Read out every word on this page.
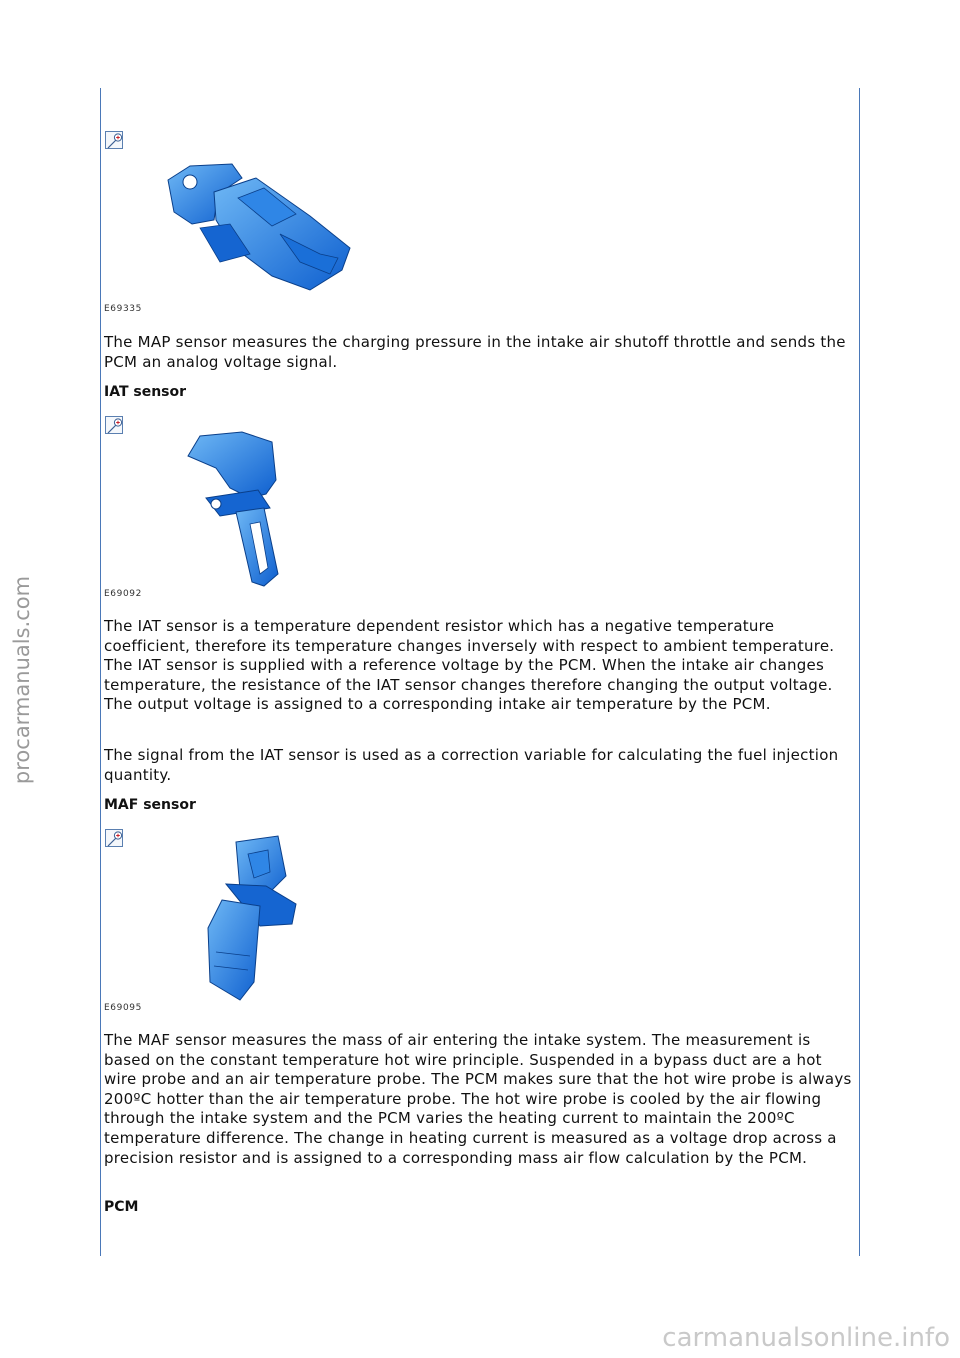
procarmanuals.com
E69335

The MAP sensor measures the charging pressure in the intake air shutoff throttle and sends the PCM an analog voltage signal.

IAT sensor
E69092

The IAT sensor is a temperature dependent resistor which has a negative temperature coefficient, therefore its temperature changes inversely with respect to ambient temperature. The IAT sensor is supplied with a reference voltage by the PCM. When the intake air changes temperature, the resistance of the IAT sensor changes therefore changing the output voltage. The output voltage is assigned to a corresponding intake air temperature by the PCM.

The signal from the IAT sensor is used as a correction variable for calculating the fuel injection quantity.

MAF sensor
E69095

The MAF sensor measures the mass of air entering the intake system. The measurement is based on the constant temperature hot wire principle. Suspended in a bypass duct are a hot wire probe and an air temperature probe. The PCM makes sure that the hot wire probe is always 200ºC hotter than the air temperature probe. The hot wire probe is cooled by the air flowing through the intake system and the PCM varies the heating current to maintain the 200ºC temperature difference. The change in heating current is measured as a voltage drop across a precision resistor and is assigned to a corresponding mass air flow calculation by the PCM.

PCM
carmanualsonline.info
